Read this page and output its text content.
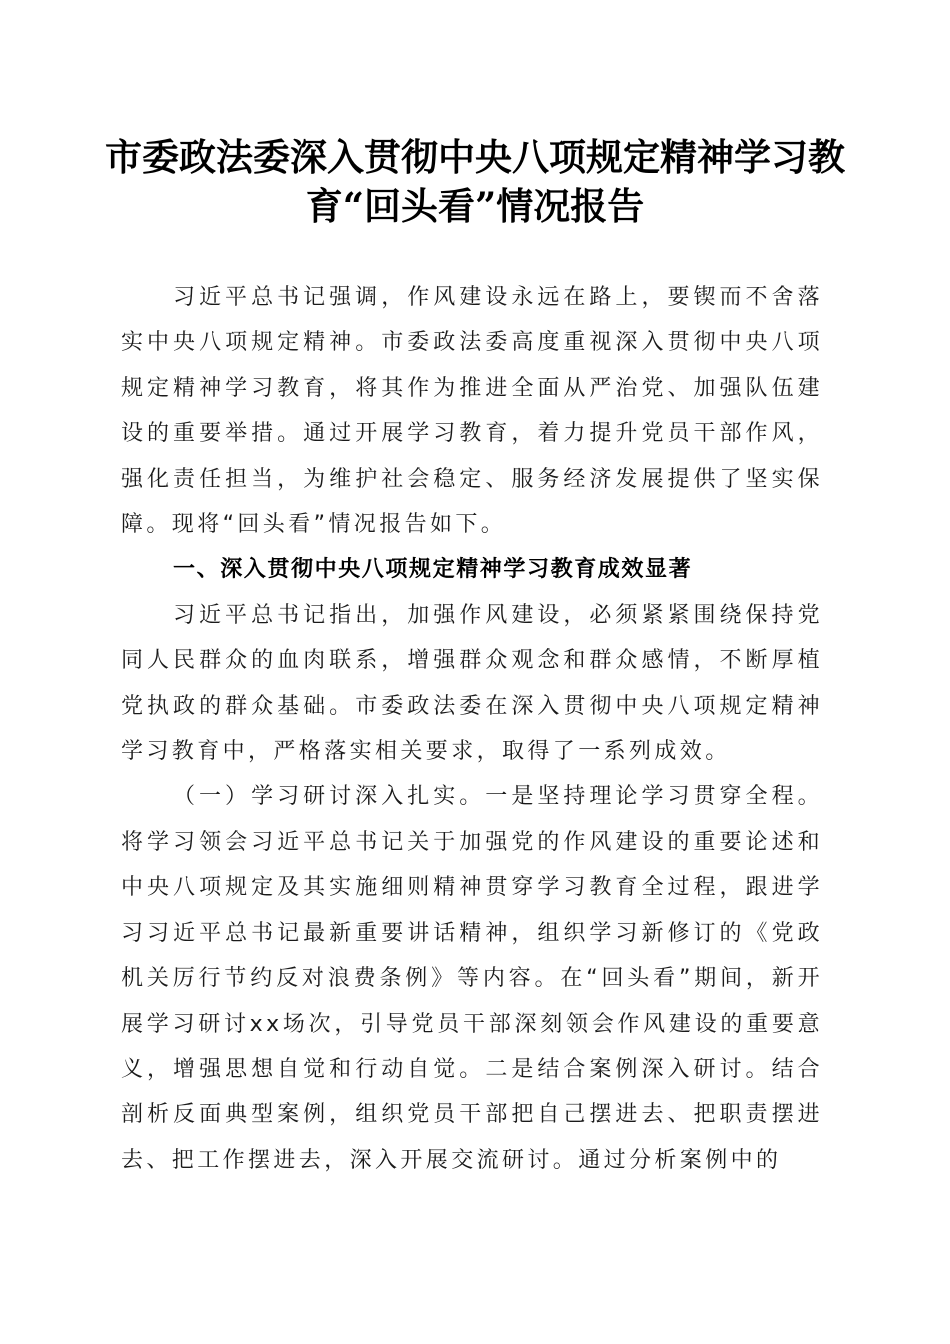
市委政法委深入贯彻中央八项规定精神学习教育“回头看”情况报告

习近平总书记强调，作风建设永远在路上，要锲而不舍落实中央八项规定精神。市委政法委高度重视深入贯彻中央八项规定精神学习教育，将其作为推进全面从严治党、加强队伍建设的重要举措。通过开展学习教育，着力提升党员干部作风，强化责任担当，为维护社会稳定、服务经济发展提供了坚实保障。现将“回头看”情况报告如下。

一、深入贯彻中央八项规定精神学习教育成效显著

习近平总书记指出，加强作风建设，必须紧紧围绕保持党同人民群众的血肉联系，增强群众观念和群众感情，不断厚植党执政的群众基础。市委政法委在深入贯彻中央八项规定精神学习教育中，严格落实相关要求，取得了一系列成效。

（一）学习研讨深入扎实。一是坚持理论学习贯穿全程。将学习领会习近平总书记关于加强党的作风建设的重要论述和中央八项规定及其实施细则精神贯穿学习教育全过程，跟进学习习近平总书记最新重要讲话精神，组织学习新修订的《党政机关厉行节约反对浪费条例》等内容。在“回头看”期间，新开展学习研讨xx场次，引导党员干部深刻领会作风建设的重要意义，增强思想自觉和行动自觉。二是结合案例深入研讨。结合剖析反面典型案例，组织党员干部把自己摆进去、把职责摆进去、把工作摆进去，深入开展交流研讨。通过分析案例中的
